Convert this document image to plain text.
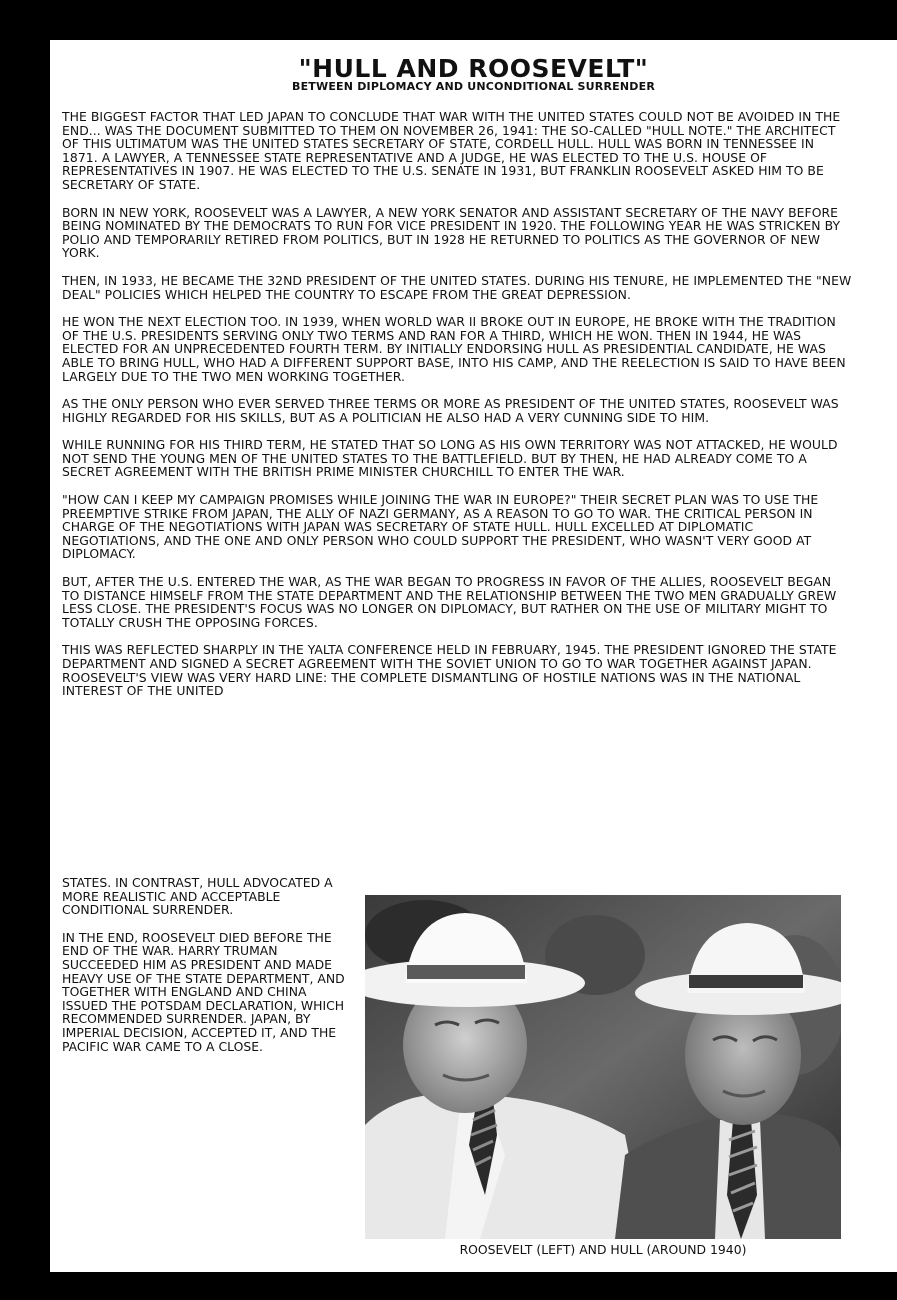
"HULL AND ROOSEVELT"
BETWEEN DIPLOMACY AND UNCONDITIONAL SURRENDER

THE BIGGEST FACTOR THAT LED JAPAN TO CONCLUDE THAT WAR WITH THE UNITED STATES COULD NOT BE AVOIDED IN THE END... WAS THE DOCUMENT SUBMITTED TO THEM ON NOVEMBER 26, 1941: THE SO-CALLED "HULL NOTE." THE ARCHITECT OF THIS ULTIMATUM WAS THE UNITED STATES SECRETARY OF STATE, CORDELL HULL. HULL WAS BORN IN TENNESSEE IN 1871. A LAWYER, A TENNESSEE STATE REPRESENTATIVE AND A JUDGE, HE WAS ELECTED TO THE U.S. HOUSE OF REPRESENTATIVES IN 1907. HE WAS ELECTED TO THE U.S. SENATE IN 1931, BUT FRANKLIN ROOSEVELT ASKED HIM TO BE SECRETARY OF STATE.

BORN IN NEW YORK, ROOSEVELT WAS A LAWYER, A NEW YORK SENATOR AND ASSISTANT SECRETARY OF THE NAVY BEFORE BEING NOMINATED BY THE DEMOCRATS TO RUN FOR VICE PRESIDENT IN 1920. THE FOLLOWING YEAR HE WAS STRICKEN BY POLIO AND TEMPORARILY RETIRED FROM POLITICS, BUT IN 1928 HE RETURNED TO POLITICS AS THE GOVERNOR OF NEW YORK.

THEN, IN 1933, HE BECAME THE 32ND PRESIDENT OF THE UNITED STATES. DURING HIS TENURE, HE IMPLEMENTED THE "NEW DEAL" POLICIES WHICH HELPED THE COUNTRY TO ESCAPE FROM THE GREAT DEPRESSION.

HE WON THE NEXT ELECTION TOO. IN 1939, WHEN WORLD WAR II BROKE OUT IN EUROPE, HE BROKE WITH THE TRADITION OF THE U.S. PRESIDENTS SERVING ONLY TWO TERMS AND RAN FOR A THIRD, WHICH HE WON. THEN IN 1944, HE WAS ELECTED FOR AN UNPRECEDENTED FOURTH TERM. BY INITIALLY ENDORSING HULL AS PRESIDENTIAL CANDIDATE, HE WAS ABLE TO BRING HULL, WHO HAD A DIFFERENT SUPPORT BASE, INTO HIS CAMP, AND THE REELECTION IS SAID TO HAVE BEEN LARGELY DUE TO THE TWO MEN WORKING TOGETHER.

AS THE ONLY PERSON WHO EVER SERVED THREE TERMS OR MORE AS PRESIDENT OF THE UNITED STATES, ROOSEVELT WAS HIGHLY REGARDED FOR HIS SKILLS, BUT AS A POLITICIAN HE ALSO HAD A VERY CUNNING SIDE TO HIM.

WHILE RUNNING FOR HIS THIRD TERM, HE STATED THAT SO LONG AS HIS OWN TERRITORY WAS NOT ATTACKED, HE WOULD NOT SEND THE YOUNG MEN OF THE UNITED STATES TO THE BATTLEFIELD. BUT BY THEN, HE HAD ALREADY COME TO A SECRET AGREEMENT WITH THE BRITISH PRIME MINISTER CHURCHILL TO ENTER THE WAR.

"HOW CAN I KEEP MY CAMPAIGN PROMISES WHILE JOINING THE WAR IN EUROPE?" THEIR SECRET PLAN WAS TO USE THE PREEMPTIVE STRIKE FROM JAPAN, THE ALLY OF NAZI GERMANY, AS A REASON TO GO TO WAR. THE CRITICAL PERSON IN CHARGE OF THE NEGOTIATIONS WITH JAPAN WAS SECRETARY OF STATE HULL. HULL EXCELLED AT DIPLOMATIC NEGOTIATIONS, AND THE ONE AND ONLY PERSON WHO COULD SUPPORT THE PRESIDENT, WHO WASN'T VERY GOOD AT DIPLOMACY.

BUT, AFTER THE U.S. ENTERED THE WAR, AS THE WAR BEGAN TO PROGRESS IN FAVOR OF THE ALLIES, ROOSEVELT BEGAN TO DISTANCE HIMSELF FROM THE STATE DEPARTMENT AND THE RELATIONSHIP BETWEEN THE TWO MEN GRADUALLY GREW LESS CLOSE. THE PRESIDENT'S FOCUS WAS NO LONGER ON DIPLOMACY, BUT RATHER ON THE USE OF MILITARY MIGHT TO TOTALLY CRUSH THE OPPOSING FORCES.

THIS WAS REFLECTED SHARPLY IN THE YALTA CONFERENCE HELD IN FEBRUARY, 1945. THE PRESIDENT IGNORED THE STATE DEPARTMENT AND SIGNED A SECRET AGREEMENT WITH THE SOVIET UNION TO GO TO WAR TOGETHER AGAINST JAPAN. ROOSEVELT'S VIEW WAS VERY HARD LINE: THE COMPLETE DISMANTLING OF HOSTILE NATIONS WAS IN THE NATIONAL INTEREST OF THE UNITED

STATES. IN CONTRAST, HULL ADVOCATED A MORE REALISTIC AND ACCEPTABLE CONDITIONAL SURRENDER.

IN THE END, ROOSEVELT DIED BEFORE THE END OF THE WAR. HARRY TRUMAN SUCCEEDED HIM AS PRESIDENT AND MADE HEAVY USE OF THE STATE DEPARTMENT, AND TOGETHER WITH ENGLAND AND CHINA ISSUED THE POTSDAM DECLARATION, WHICH RECOMMENDED SURRENDER. JAPAN, BY IMPERIAL DECISION, ACCEPTED IT, AND THE PACIFIC WAR CAME TO A CLOSE.

ROOSEVELT (LEFT) AND HULL (AROUND 1940)
